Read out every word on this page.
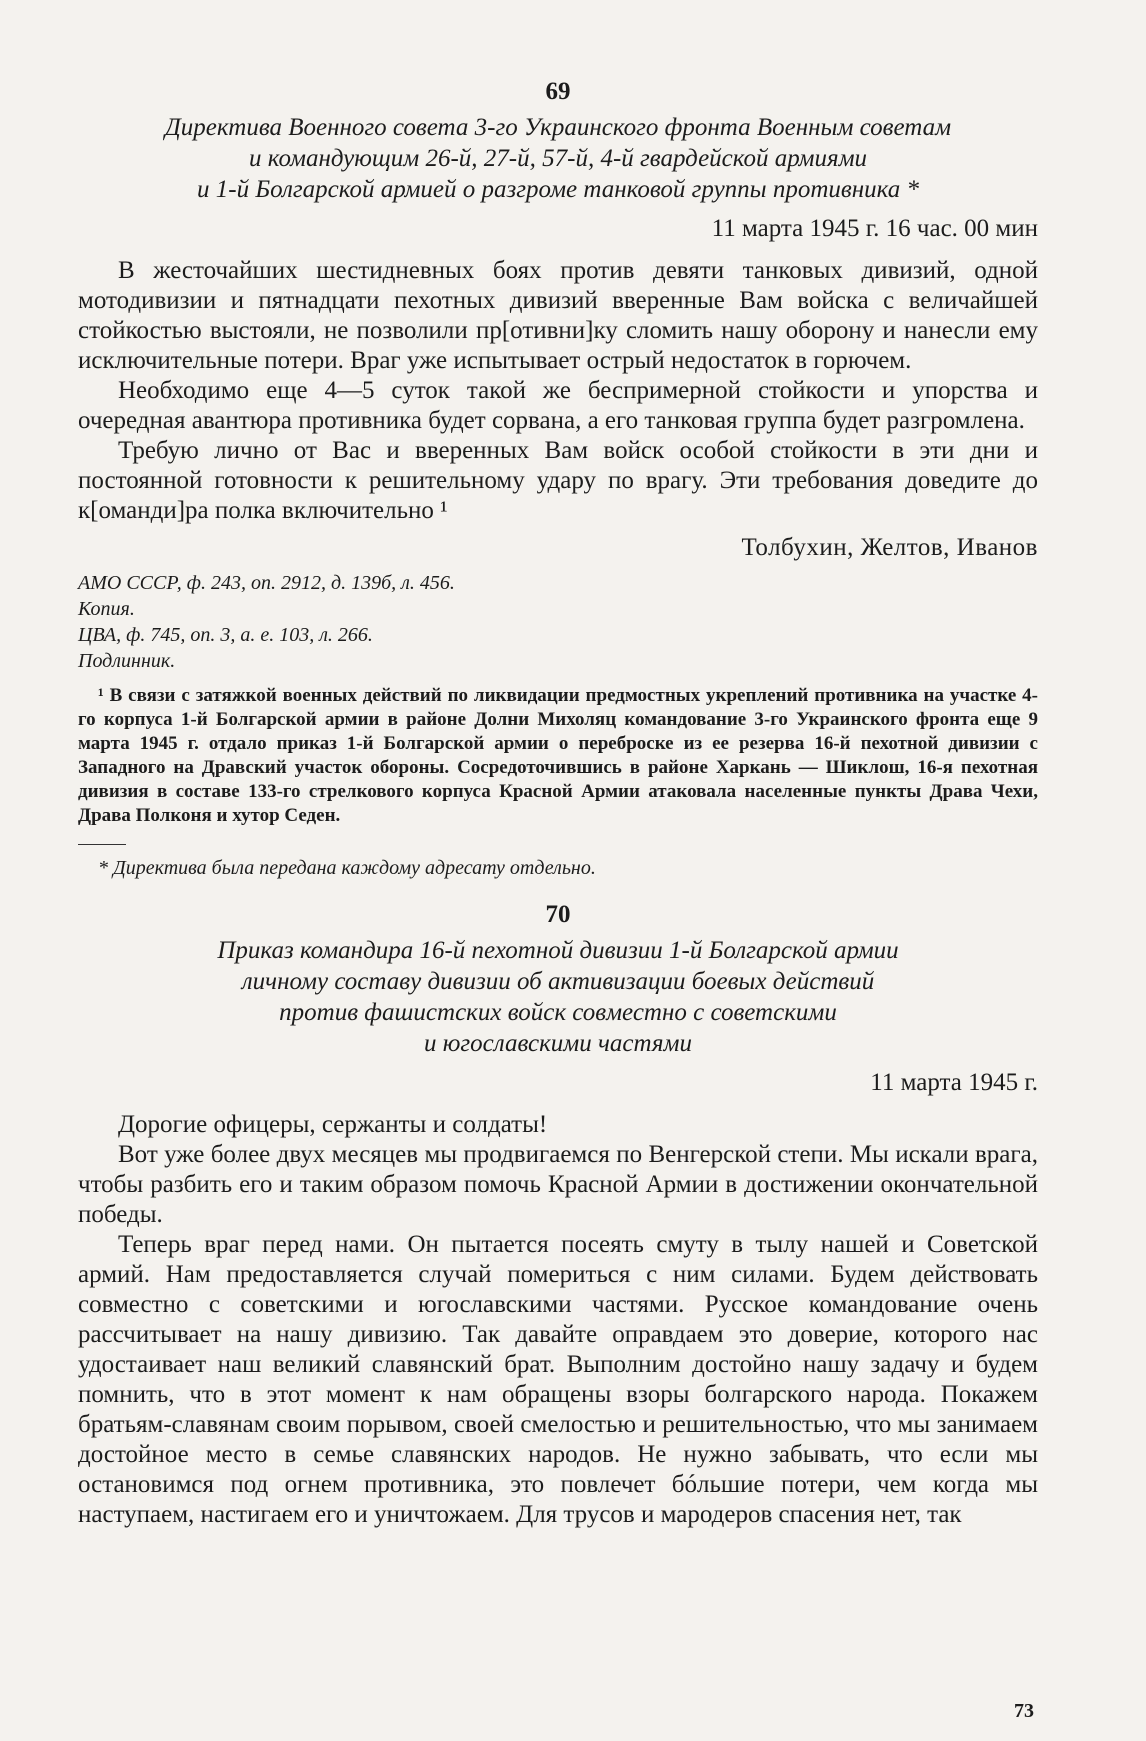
69
Директива Военного совета 3-го Украинского фронта Военным советам
и командующим 26-й, 27-й, 57-й, 4-й гвардейской армиями
и 1-й Болгарской армией о разгроме танковой группы противника *
11 марта 1945 г. 16 час. 00 мин

В жесточайших шестидневных боях против девяти танковых дивизий, одной мотодивизии и пятнадцати пехотных дивизий вверенные Вам войска с величайшей стойкостью выстояли, не позволили пр[отивни]ку сломить нашу оборону и нанесли ему исключительные потери. Враг уже испытывает острый недостаток в горючем.

Необходимо еще 4—5 суток такой же беспримерной стойкости и упорства и очередная авантюра противника будет сорвана, а его танковая группа будет разгромлена.

Требую лично от Вас и вверенных Вам войск особой стойкости в эти дни и постоянной готовности к решительному удару по врагу. Эти требования доведите до к[оманди]ра полка включительно ¹

Толбухин, Желтов, Иванов

АМО СССР, ф. 243, оп. 2912, д. 139б, л. 456.

Копия.

ЦВА, ф. 745, оп. 3, а. е. 103, л. 266.

Подлинник.

¹ В связи с затяжкой военных действий по ликвидации предмостных укреплений противника на участке 4-го корпуса 1-й Болгарской армии в районе Долни Михоляц командование 3-го Украинского фронта еще 9 марта 1945 г. отдало приказ 1-й Болгарской армии о переброске из ее резерва 16-й пехотной дивизии с Западного на Дравский участок обороны. Сосредоточившись в районе Харкань — Шиклош, 16-я пехотная дивизия в составе 133-го стрелкового корпуса Красной Армии атаковала населенные пункты Драва Чехи, Драва Полконя и хутор Седен.

* Директива была передана каждому адресату отдельно.

70
Приказ командира 16-й пехотной дивизии 1-й Болгарской армии
личному составу дивизии об активизации боевых действий
против фашистских войск совместно с советскими
и югославскими частями
11 марта 1945 г.

Дорогие офицеры, сержанты и солдаты!

Вот уже более двух месяцев мы продвигаемся по Венгерской степи. Мы искали врага, чтобы разбить его и таким образом помочь Красной Армии в достижении окончательной победы.

Теперь враг перед нами. Он пытается посеять смуту в тылу нашей и Советской армий. Нам предоставляется случай помериться с ним силами. Будем действовать совместно с советскими и югославскими частями. Русское командование очень рассчитывает на нашу дивизию. Так давайте оправдаем это доверие, которого нас удостаивает наш великий славянский брат. Выполним достойно нашу задачу и будем помнить, что в этот момент к нам обращены взоры болгарского народа. Покажем братьям-славянам своим порывом, своей смелостью и решительностью, что мы занимаем достойное место в семье славянских народов. Не нужно забывать, что если мы остановимся под огнем противника, это повлечет бóльшие потери, чем когда мы наступаем, настигаем его и уничтожаем. Для трусов и мародеров спасения нет, так

73
